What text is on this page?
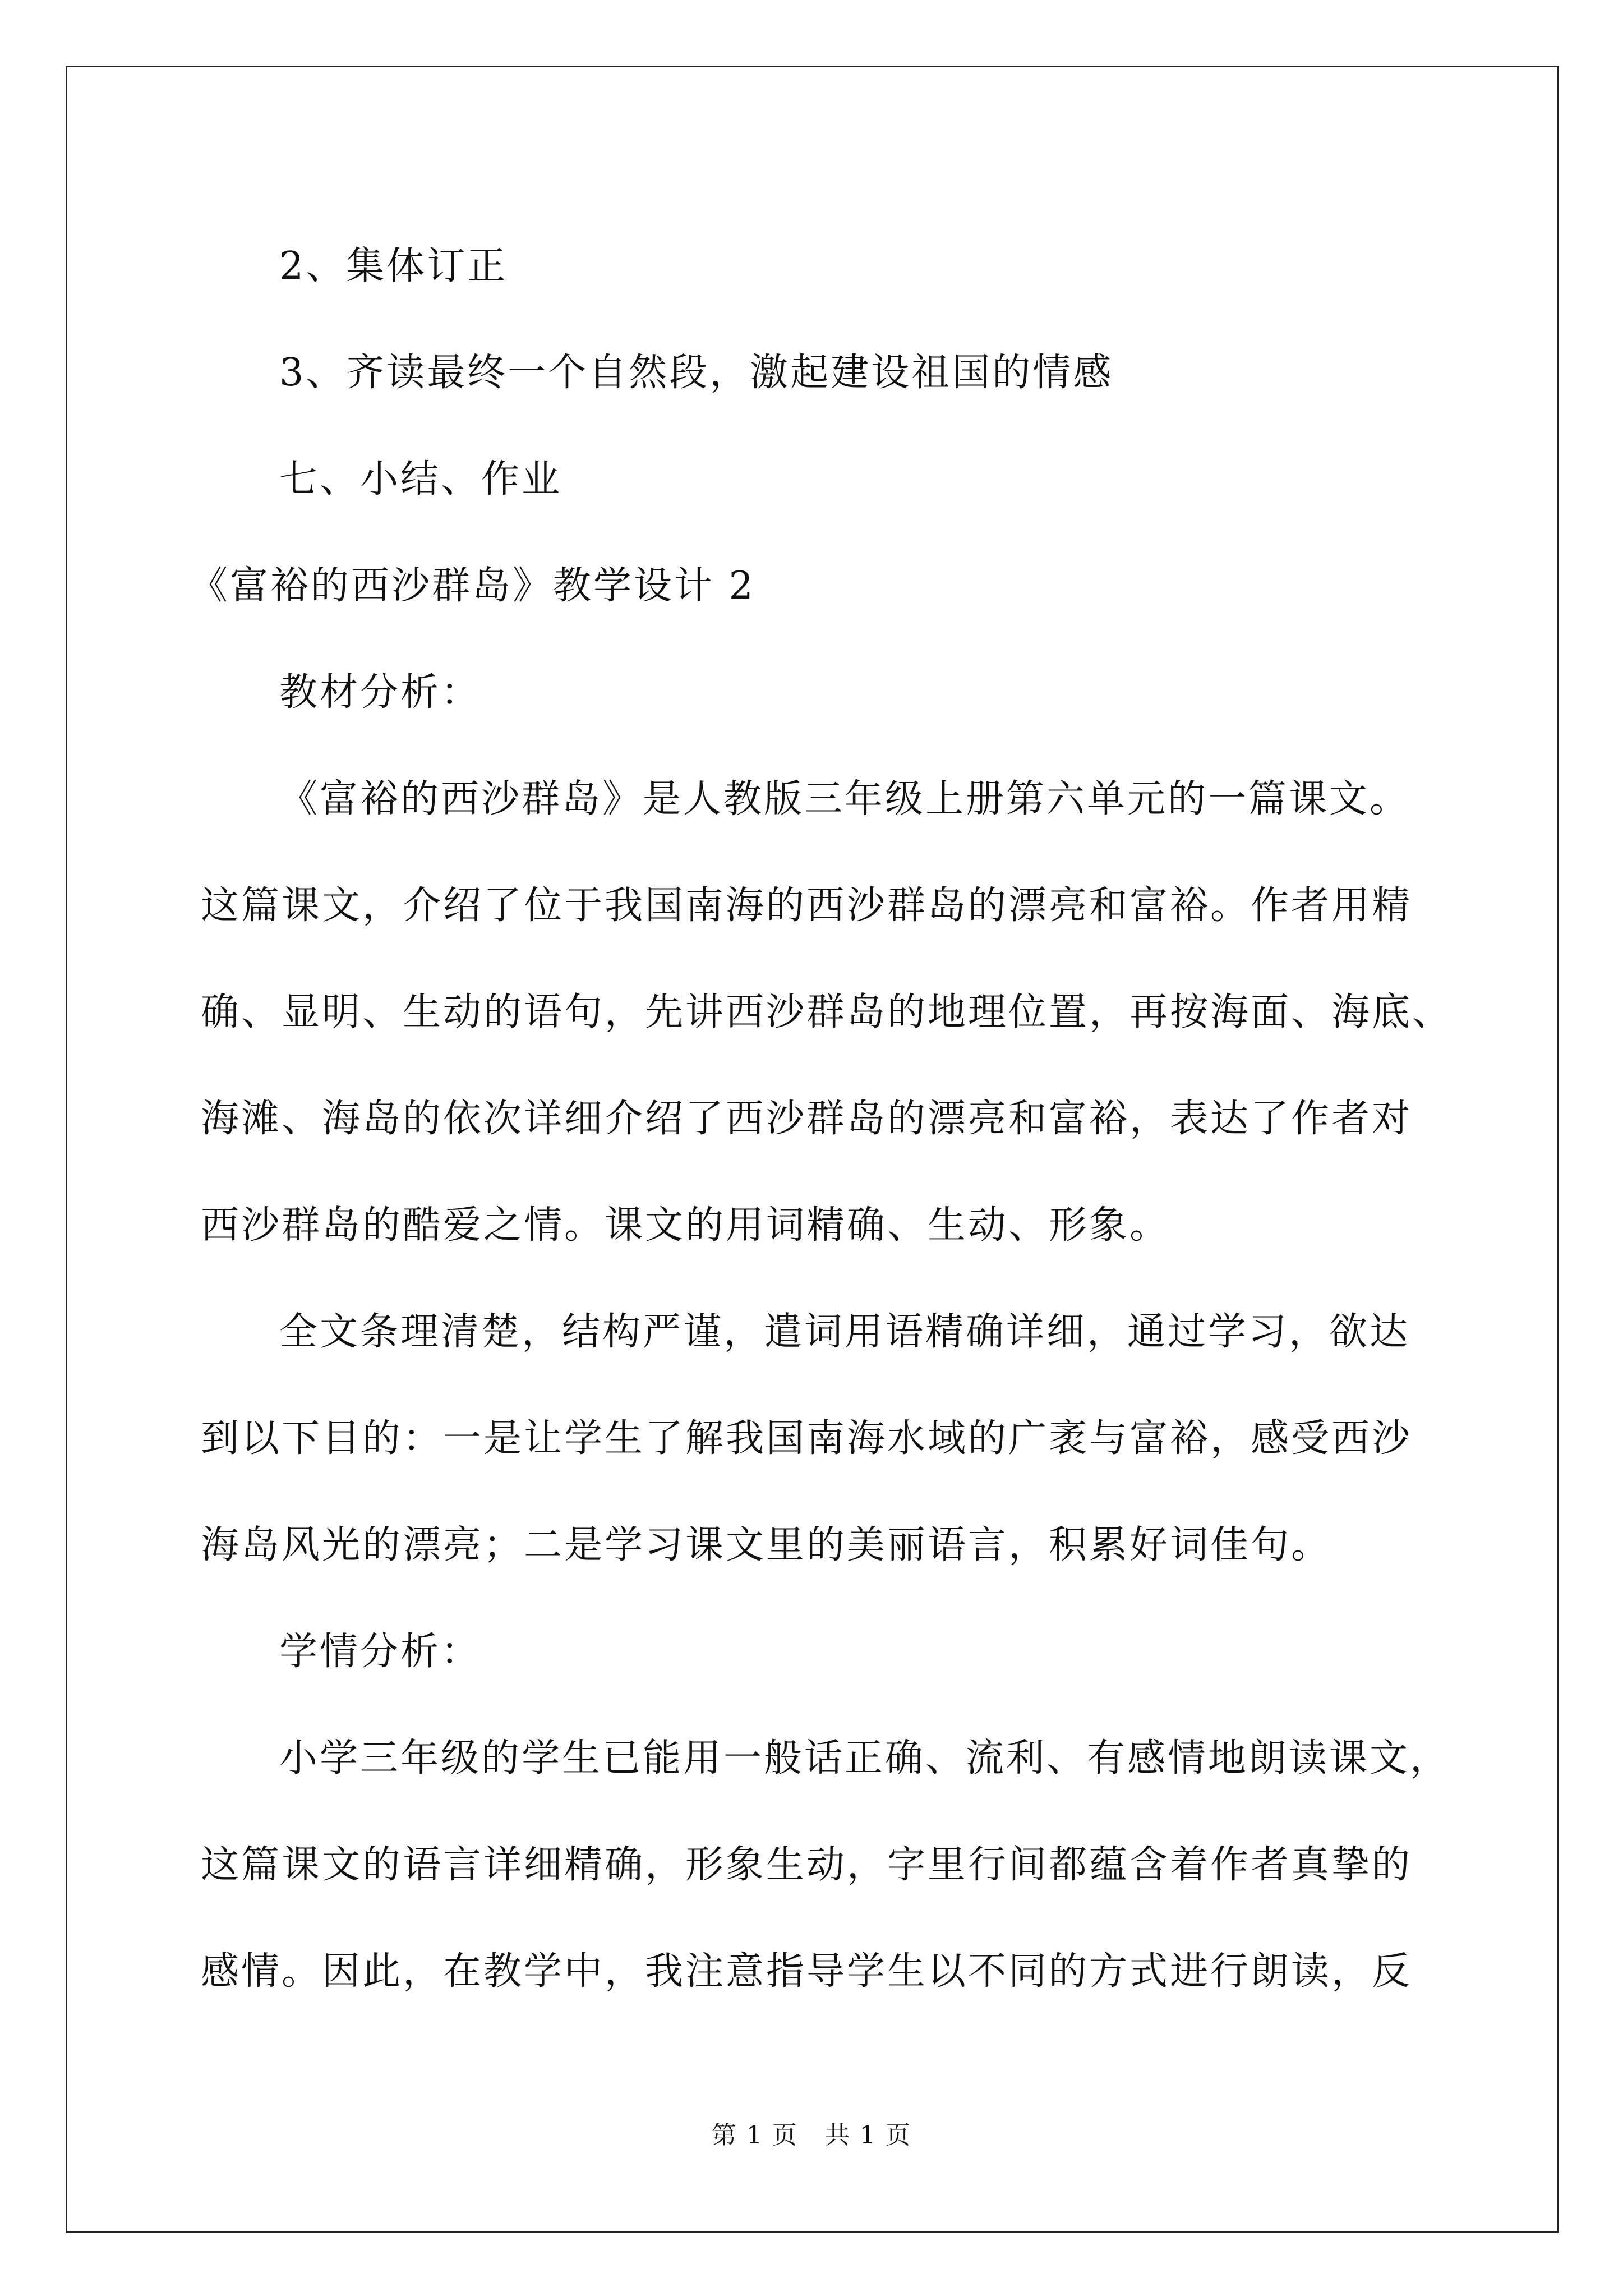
2、集体订正
3、齐读最终一个自然段，激起建设祖国的情感
七、小结、作业
《富裕的西沙群岛》教学设计 2
教材分析：
《富裕的西沙群岛》是人教版三年级上册第六单元的一篇课文。
这篇课文，介绍了位于我国南海的西沙群岛的漂亮和富裕。作者用精
确、显明、生动的语句，先讲西沙群岛的地理位置，再按海面、海底、
海滩、海岛的依次详细介绍了西沙群岛的漂亮和富裕，表达了作者对
西沙群岛的酷爱之情。课文的用词精确、生动、形象。
全文条理清楚，结构严谨，遣词用语精确详细，通过学习，欲达
到以下目的：一是让学生了解我国南海水域的广袤与富裕，感受西沙
海岛风光的漂亮；二是学习课文里的美丽语言，积累好词佳句。
学情分析：
小学三年级的学生已能用一般话正确、流利、有感情地朗读课文，
这篇课文的语言详细精确，形象生动，字里行间都蕴含着作者真挚的
感情。因此，在教学中，我注意指导学生以不同的方式进行朗读，反
第 1 页   共 1 页
